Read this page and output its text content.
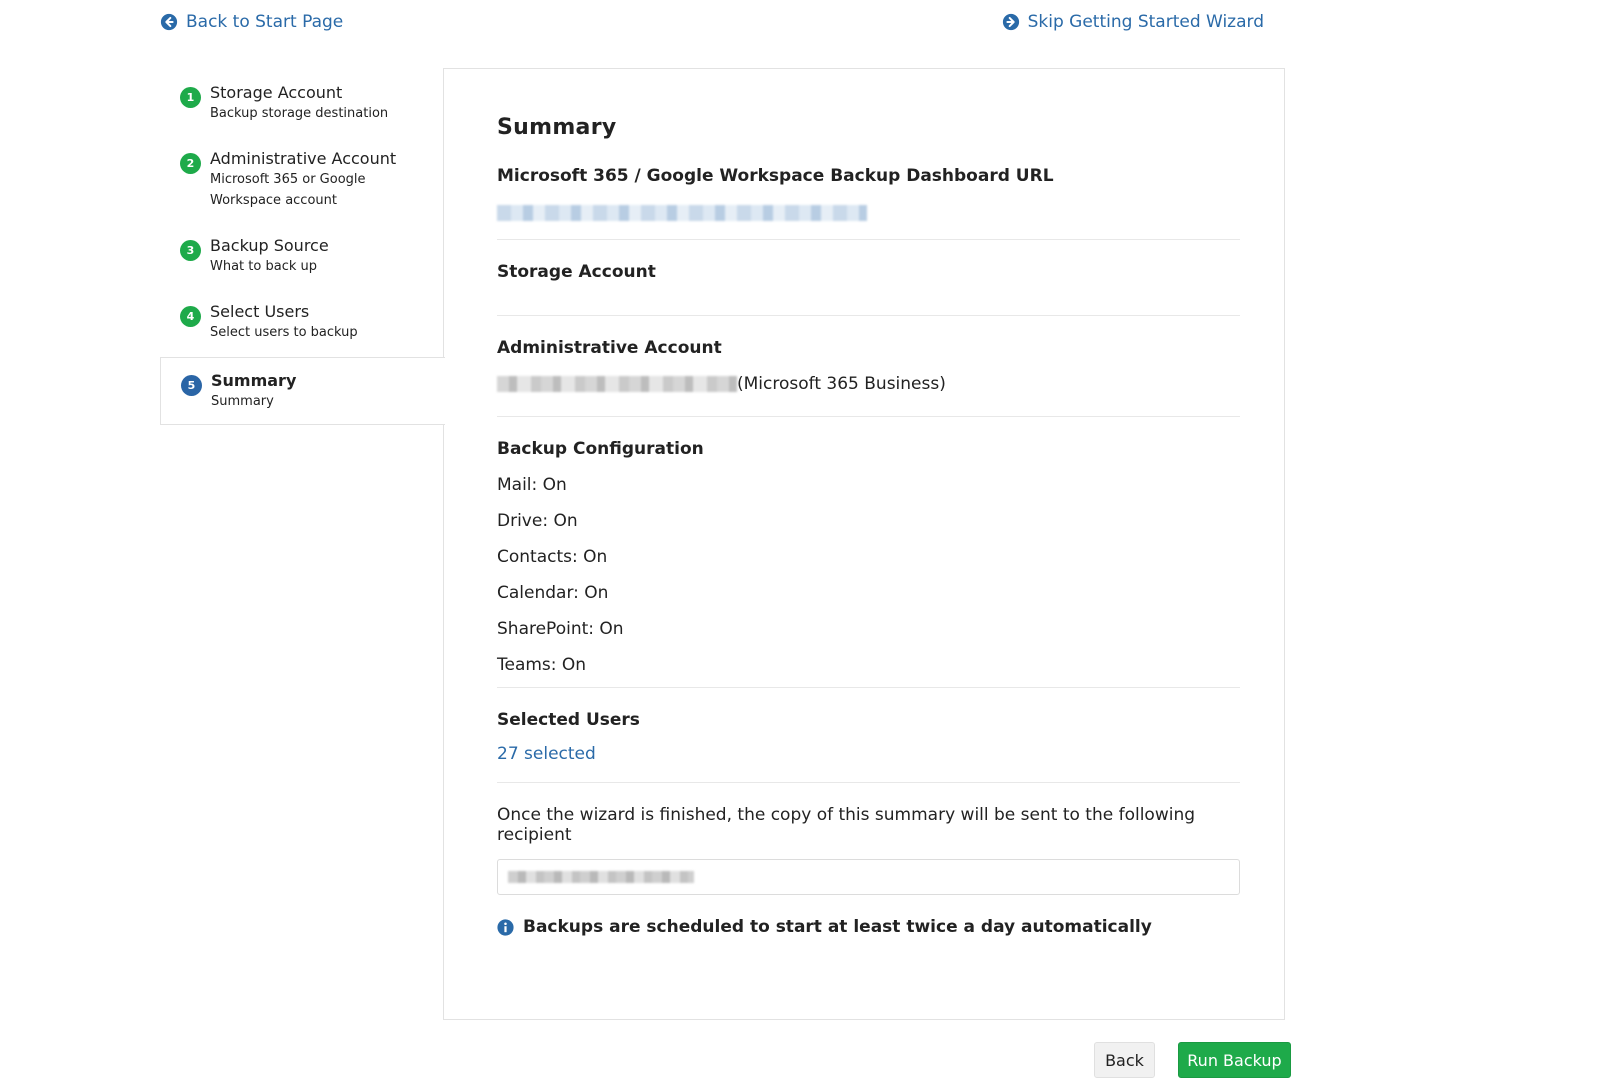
Back to Start Page	Skip Getting Started Wizard
1 Storage Account
Backup storage destination
2 Administrative Account
Microsoft 365 or Google Workspace account
3 Backup Source
What to back up
4 Select Users
Select users to backup
5 Summary
Summary
Summary
Microsoft 365 / Google Workspace Backup Dashboard URL
Storage Account
Administrative Account
(Microsoft 365 Business)
Backup Configuration
Mail: On
Drive: On
Contacts: On
Calendar: On
SharePoint: On
Teams: On
Selected Users
27 selected
Once the wizard is finished, the copy of this summary will be sent to the following recipient
Backups are scheduled to start at least twice a day automatically
Back	Run Backup
